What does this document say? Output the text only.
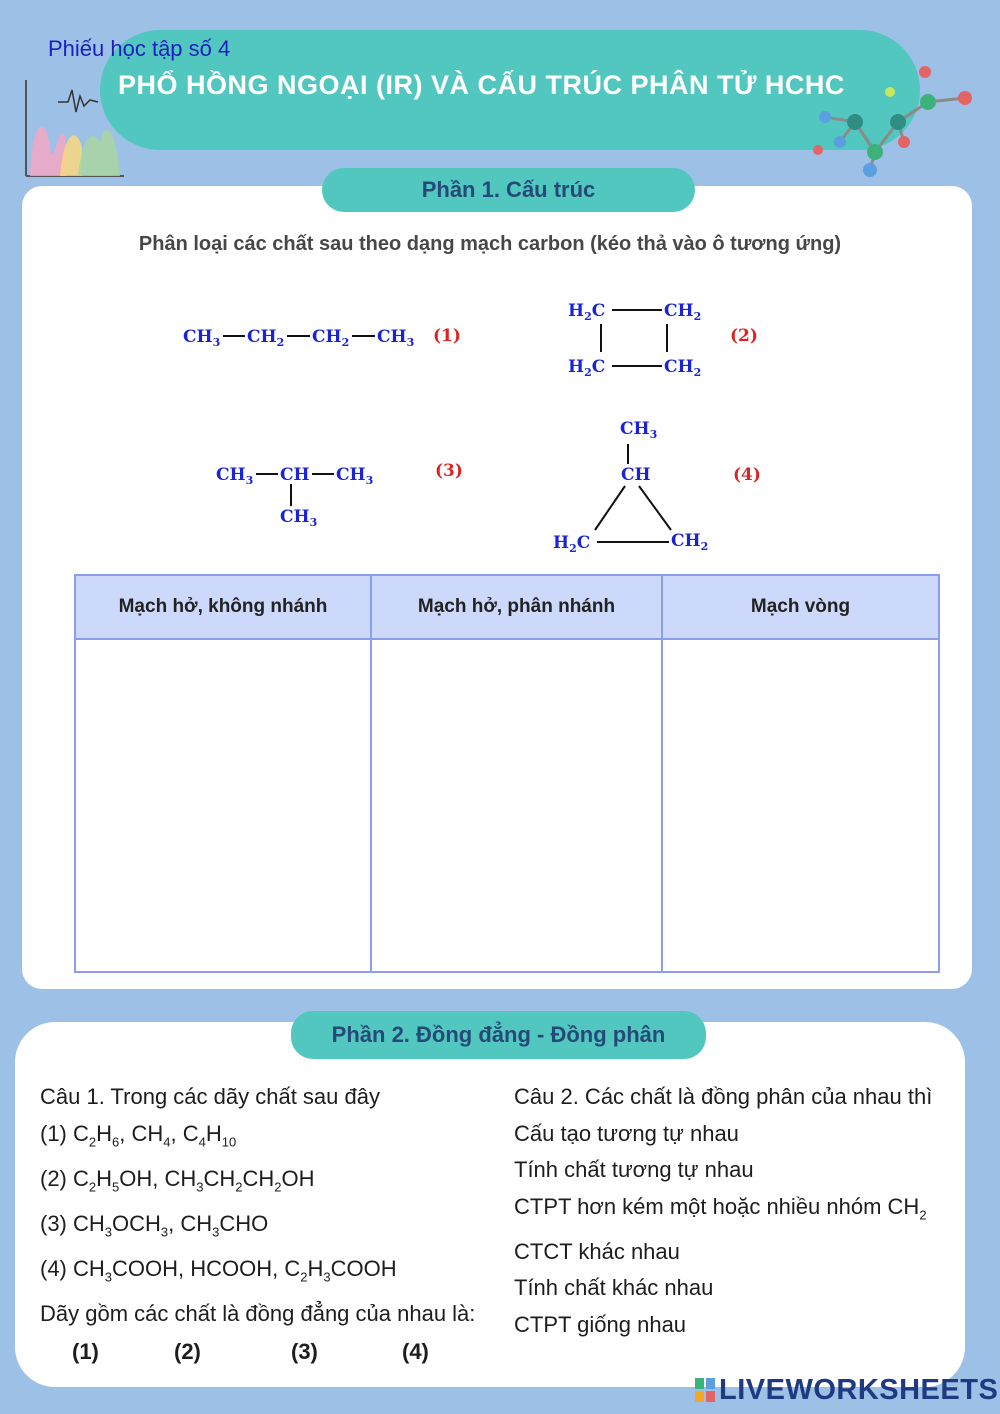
Phiếu học tập số 4
PHỔ HỒNG NGOẠI (IR) VÀ CẤU TRÚC PHÂN TỬ HCHC
Phần 1. Cấu trúc
Phân loại các chất sau theo dạng mạch carbon (kéo thả vào ô tương ứng)
$CH_3$ $CH_2$ $CH_2$ $CH_3$ (1)
$H_2C$	$CH_2$
$H_2C$	$CH_2$
(2)
$CH_3$ CH $CH_3$
$CH_3$
(3)
$CH_3$
CH
$H_2C$	$CH_2$
(4)
Mạch hở, không nhánh	Mạch hở, phân nhánh	Mạch vòng
Phần 2. Đồng đẳng - Đồng phân
Câu 1. Trong các dãy chất sau đây
(1) $C_2H_6$, $CH_4$, $C_4H_{10}$
(2) $C_2H_5OH$, $CH_3CH_2CH_2OH$
(3) $CH_3OCH_3$, $CH_3CHO$
(4) $CH_3COOH$, HCOOH, $C_2H_3COOH$
Dãy gồm các chất là đồng đẳng của nhau là:
(1)	(2)	(3)	(4)
Câu 2. Các chất là đồng phân của nhau thì
Cấu tạo tương tự nhau
Tính chất tương tự nhau
CTPT hơn kém một hoặc nhiều nhóm $CH_2$
CTCT khác nhau
Tính chất khác nhau
CTPT giống nhau
LIVEWORKSHEETS
